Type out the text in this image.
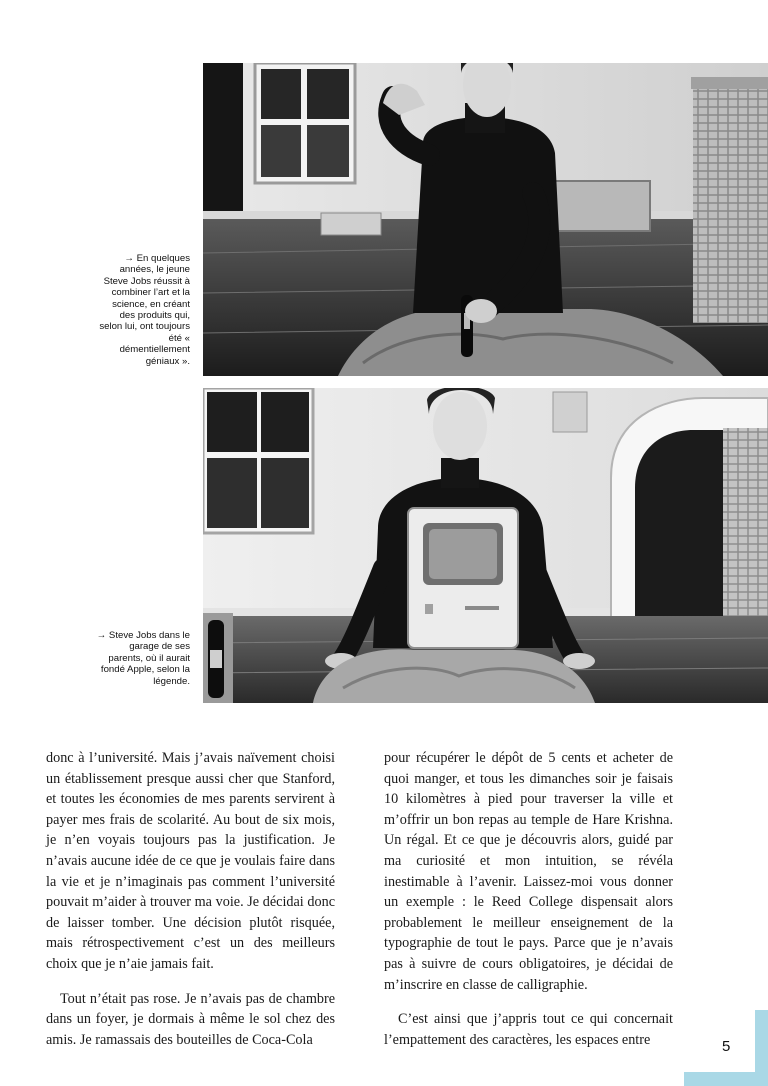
→ En quelques années, le jeune Steve Jobs réussit à combiner l’art et la science, en créant des produits qui, selon lui, ont toujours été « démentiellement géniaux ».
→ Steve Jobs dans le garage de ses parents, où il aurait fondé Apple, selon la légende.

donc à l’université. Mais j’avais naïvement choisi un établissement presque aussi cher que Stanford, et toutes les économies de mes parents servirent à payer mes frais de scolarité. Au bout de six mois, je n’en voyais toujours pas la justification. Je n’avais aucune idée de ce que je voulais faire dans la vie et je n’imaginais pas comment l’université pouvait m’aider à trouver ma voie. Je décidai donc de laisser tomber. Une décision plutôt risquée, mais rétrospectivement c’est un des meilleurs choix que je n’aie jamais fait.

Tout n’était pas rose. Je n’avais pas de chambre dans un foyer, je dormais à même le sol chez des amis. Je ramassais des bouteilles de Coca-Cola

pour récupérer le dépôt de 5 cents et acheter de quoi manger, et tous les dimanches soir je faisais 10 kilomètres à pied pour traverser la ville et m’offrir un bon repas au temple de Hare Krishna. Un régal. Et ce que je découvris alors, guidé par ma curiosité et mon intuition, se révéla inestimable à l’avenir. Laissez-moi vous donner un exemple : le Reed College dispensait alors probablement le meilleur enseignement de la typographie de tout le pays. Parce que je n’avais pas à suivre de cours obligatoires, je décidai de m’inscrire en classe de calligraphie.

C’est ainsi que j’appris tout ce qui concernait l’empattement des caractères, les espaces entre	5
